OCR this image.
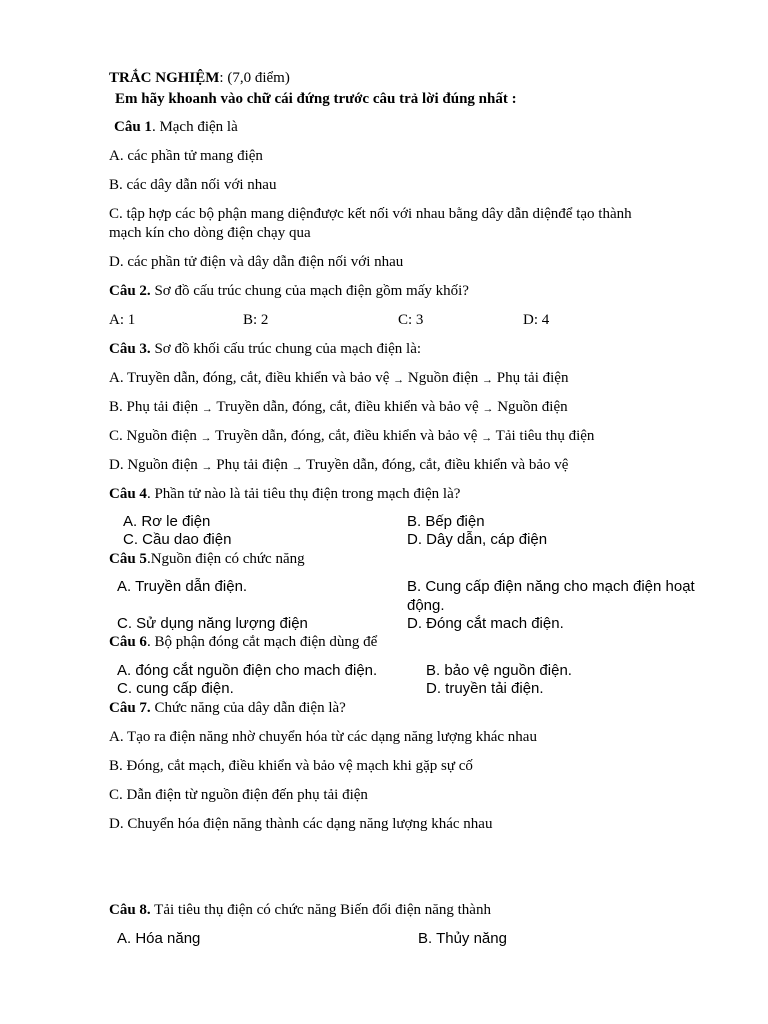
TRẮC NGHIỆM: (7,0 điểm)
Em hãy khoanh vào chữ cái đứng trước câu trả lời đúng nhất :
Câu 1. Mạch điện là
A. các phần tử mang điện
B. các dây dẫn nối với nhau
C. tập hợp các bộ phận mang diệnđược kết nối với nhau bằng dây dẫn diệnđể tạo thành
mạch kín cho dòng điện chạy qua
D. các phần tử điện và dây dẫn điện nối với nhau
Câu 2. Sơ đồ cấu trúc chung của mạch điện gồm mấy khối?
A: 1	B: 2	C: 3	D: 4
Câu 3. Sơ đồ khối cấu trúc chung của mạch điện là:
A. Truyền dẫn, đóng, cắt, điều khiển và bảo vệ → Nguồn điện → Phụ tải điện
B. Phụ tải điện → Truyền dẫn, đóng, cắt, điều khiển và bảo vệ → Nguồn điện
C. Nguồn điện → Truyền dẫn, đóng, cắt, điều khiển và bảo vệ → Tải tiêu thụ điện
D. Nguồn điện → Phụ tải điện → Truyền dẫn, đóng, cắt, điều khiển và bảo vệ
Câu 4. Phần tử nào là tải tiêu thụ điện trong mạch điện là?
A. Rơ le điện	B. Bếp điện
C. Cầu dao điện	D. Dây dẫn, cáp điện
Câu 5.Nguồn điện có chức năng
A. Truyền dẫn điện.	B. Cung cấp điện năng cho mạch điện hoạt
động.
C. Sử dụng năng lượng điện	D. Đóng cắt mach điện.
Câu 6. Bộ phận đóng cắt mạch điện dùng để
A. đóng cắt nguồn điện cho mach điện.	B. bảo vệ nguồn điện.
C. cung cấp điện.	D. truyền tải điện.
Câu 7. Chức năng của dây dẫn điện là?
A. Tạo ra điện năng nhờ chuyển hóa từ các dạng năng lượng khác nhau
B. Đóng, cắt mạch, điều khiển và bảo vệ mạch khi gặp sự cố
C. Dẫn điện từ nguồn điện đến phụ tải điện
D. Chuyển hóa điện năng thành các dạng năng lượng khác nhau
Câu 8. Tải tiêu thụ điện có chức năng Biến đổi điện năng thành
A. Hóa năng	B. Thủy năng
